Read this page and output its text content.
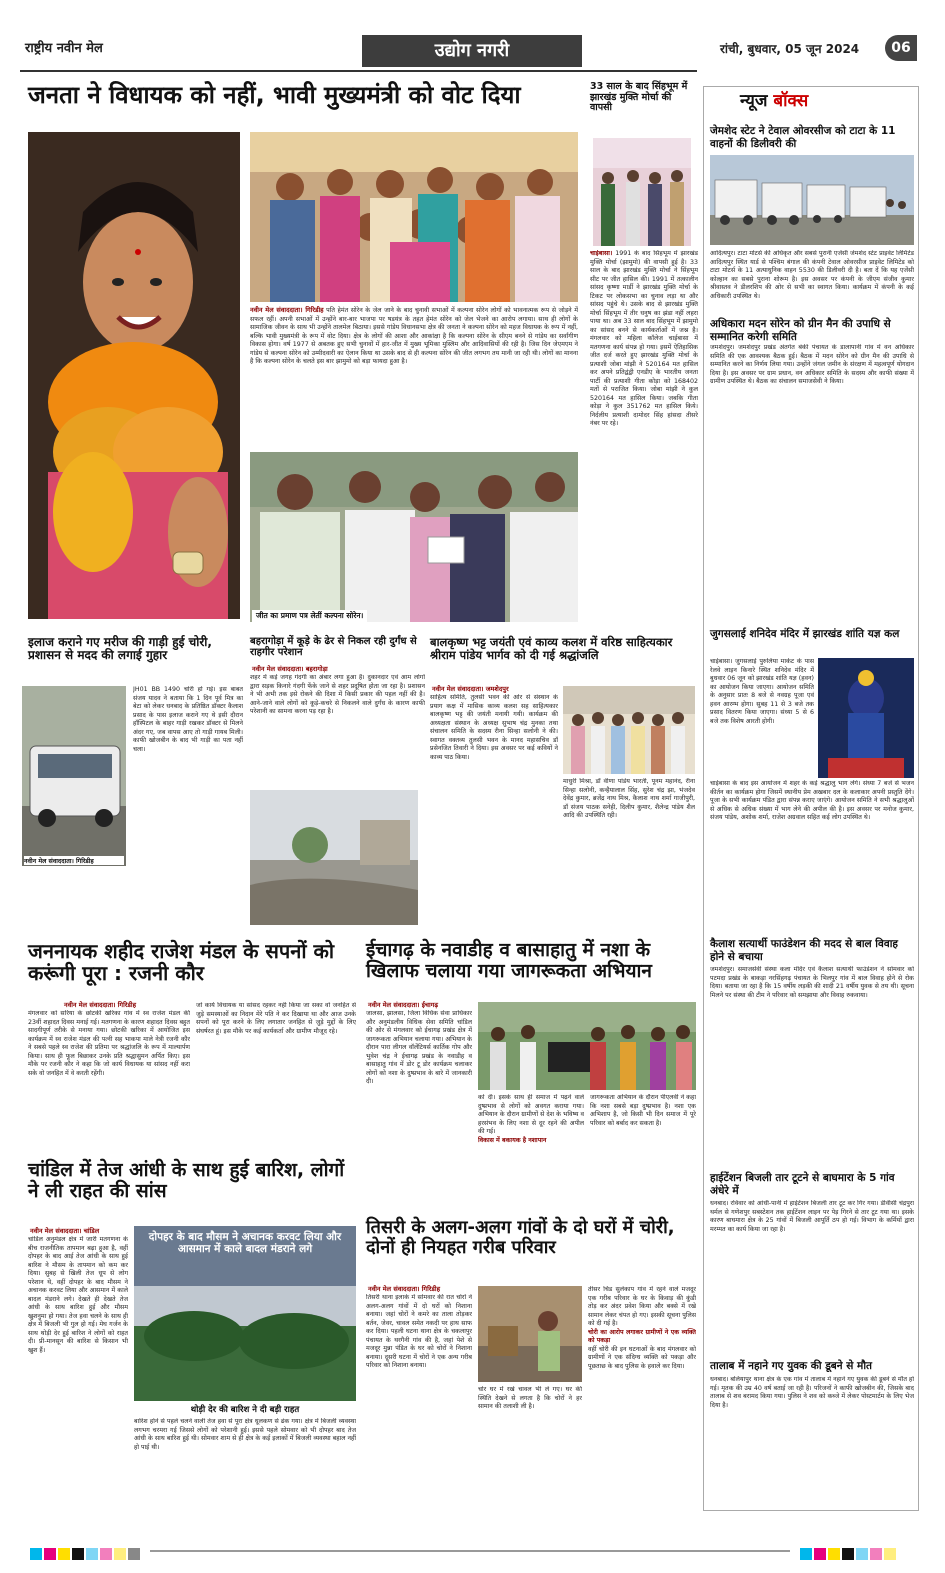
राष्ट्रीय नवीन मेल	उद्योग नगरी	रांची, बुधवार, 05 जून 2024	06
जनता ने विधायक को नहीं, भावी मुख्यमंत्री को वोट दिया
नवीन मेल संवाददाता। गिरिडीह पति हेमंत सोरेन के जेल जाने के बाद चुनावी सभाओं में कल्पना सोरेन लोगों को भावनात्मक रूप से जोड़ने में सफल रहीं। अपनी सभाओं में उन्होंने बार-बार भाजपा पर षडयंत्र के तहत हेमंत सोरेन को जेल भेजने का आरोप लगाया। साथ ही लोगों के सामाजिक जीवन के साथ भी उन्होंने तालमेल बिठाया। इससे गांडेय विधानसभा क्षेत्र की जनता ने कल्पना सोरेन को महज विधायक के रूप में नहीं, बल्कि भावी मुख्यमंत्री के रूप में वोट दिया। क्षेत्र के लोगों की आशा और आकांक्षा है कि कल्पना सोरेन के सीएम बनने से गांडेय का सर्वांगीण विकास होगा। वर्ष 1977 से अबतक हुए सभी चुनावों में हार-जीत में मुख्य भूमिका मुस्लिम और आदिवासियों की रही है। जिस दिन जेएमएम ने गांडेय से कल्पना सोरेन को उम्मीदवारी का ऐलान किया था उसके बाद से ही कल्पना सोरेन की जीत लगभग तय मानी जा रही थी। लोगों का मानना है कि कल्पना सोरेन के चलते इस बार झामुमो को बड़ा फायदा हुआ है।
जीत का प्रमाण पत्र लेतीं कल्पना सोरेन।
33 साल के बाद सिंहभूम में झारखंड मुक्ति मोर्चा की वापसी
चाईबासा। 1991 के बाद सिंहभूम में झारखंड मुक्ति मोर्चा (झामुमो) की वापसी हुई है। 33 साल के बाद झारखंड मुक्ति मोर्चा ने सिंहभूम सीट पर जीत हासिल की। 1991 में तत्कालीन सांसद कृष्णा मार्डी ने झारखंड मुक्ति मोर्चा के टिकट पर लोकसभा का चुनाव लड़ा था और सांसद पहुंचे थे। उसके बाद से झारखंड मुक्ति मोर्चा सिंहभूम में तीर धनुष का झंडा नहीं लहरा पाया था। अब 33 साल बाद सिंहभूम में झामुमो का सांसद बनने से कार्यकर्ताओं में जश्न है। मंगलवार को महिला कॉलेज चाईबासा में मतगणना कार्य संपन्न हो गया। इसमें ऐतिहासिक जीत दर्ज करते हुए झारखंड मुक्ति मोर्चा के प्रत्याशी जोबा मांझी ने 520164 मत हासिल कर अपने प्रतिद्वंद्वी एनडीए के भारतीय जनता पार्टी की प्रत्याशी गीता कोड़ा को 168402 मतों से पराजित किया। जोबा मांझी ने कुल 520164 मत हासिल किया। जबकि गीता कोड़ा ने कुल 351762 मत हासिल किये। निर्दलीय प्रत्याशी दामोदर सिंह हांसदा तीसरे नंबर पर रहे।
न्यूज बॉक्स
जेमशेद स्टेट ने टेवाल ओवरसीज को टाटा के 11 वाहनों की डिलीवरी की
आदित्यपुर। टाटा मोटर्स की अधिकृत और सबसे पुरानी एजेंसी जेमशेद स्टेट प्राइवेट लिमिटेड आदित्यपुर स्थित यार्ड से पश्चिम बंगाल की कंपनी टेवाल ओवरसीज प्राइवेट लिमिटेड को टाटा मोटर्स के 11 अत्याधुनिक वाहन 5530 की डिलीवरी दी है। बता दें कि यह एजेंसी कोल्हान का सबसे पुराना शोरूम है। इस अवसर पर कंपनी के जीएम संजीव कुमार श्रीवास्तव ने डीलरशिप की ओर से सभी का स्वागत किया। कार्यक्रम में कंपनी के कई अधिकारी उपस्थित थे।
अधिकारा मदन सोरेन को ग्रीन मैन की उपाधि से सम्मानित करेगी समिति
जमशेदपुर। जमशेदपुर प्रखंड अंतर्गत बंकी पंचायत के डालापानी गांव में वन अधिकार समिति की एक आवश्यक बैठक हुई। बैठक में मदन सोरेन को ग्रीन मैन की उपाधि से सम्मानित करने का निर्णय लिया गया। उन्होंने जंगल जमीन के संरक्षण में महत्वपूर्ण योगदान दिया है। इस अवसर पर ग्राम प्रधान, वन अधिकार समिति के सदस्य और काफी संख्या में ग्रामीण उपस्थित थे। बैठक का संचालन समाजसेवी ने किया।
जुगसलाई शनिदेव मंदिर में झारखंड शांति यज्ञ कल
चाईबासा। जुगसलाई पुरुलिया मार्केट के पास रेलवे लाइन किनारे स्थित शनिदेव मंदिर में बुधवार 06 जून को झारखंड शांति यज्ञ (हवन) का आयोजन किया जाएगा। आयोजन समिति के अनुसार प्रातः 8 बजे से नवग्रह पूजा एवं हवन आरम्भ होगा। सुबह 11 से 3 बजे तक प्रसाद वितरण किया जाएगा। संध्या 5 से 6 बजे तक विशेष आरती होगी।
चाईबासा के बाद इस आयोजन में शहर के कई श्रद्धालु भाग लेंगे। संध्या 7 बजे से भजन कीर्तन का कार्यक्रम होगा जिसमें स्थानीय प्रेम अखबार दल के कलाकार अपनी प्रस्तुति देंगे। पूजा के सभी कार्यक्रम पंडित द्वारा संपन्न कराए जाएंगे। आयोजन समिति ने सभी श्रद्धालुओं से अधिक से अधिक संख्या में भाग लेने की अपील की है। इस अवसर पर मनोज कुमार, संजय पांडेय, अशोक शर्मा, राजेश अग्रवाल सहित कई लोग उपस्थित थे।
कैलाश सत्यार्थी फाउंडेशन की मदद से बाल विवाह होने से बचाया
जमशेदपुर। समाजसेवी संस्था कला मंदिर एवं कैलाश सत्यार्थी फाउंडेशन ने सोमवार को पटमदा प्रखंड के बाकड़ा नरसिंहगढ़ पंचायत के भिलपुर गांव में बाल विवाह होने से रोक दिया। बताया जा रहा है कि 15 वर्षीय लड़की की शादी 21 वर्षीय युवक से तय थी। सूचना मिलने पर संस्था की टीम ने परिवार को समझाया और विवाह रुकवाया।
हाईटेंशन बिजली तार टूटने से बाघमारा के 5 गांव अंधेरे में
धनबाद। रविवार को आंधी-पानी में हाईटेंशन बिजली तार टूट कर गिर गया। डीवीसी चंद्रपुरा थर्मल से गणेशपुर सबस्टेशन तक हाईटेंशन लाइन पर पेड़ गिरने से तार टूट गया था। इसके कारण बाघमारा क्षेत्र के 25 गांवों में बिजली आपूर्ति ठप हो गई। विभाग के कर्मियों द्वारा मरम्मत का कार्य किया जा रहा है।
तालाब में नहाने गए युवक की डूबने से मौत
धनबाद। बलियापुर थाना क्षेत्र के एक गांव में तालाब में नहाने गए युवक की डूबने से मौत हो गई। मृतक की उम्र 40 वर्ष बताई जा रही है। परिजनों ने काफी खोजबीन की, जिसके बाद तालाब से शव बरामद किया गया। पुलिस ने शव को कब्जे में लेकर पोस्टमार्टम के लिए भेज दिया है।
इलाज कराने गए मरीज की गाड़ी हुई चोरी, प्रशासन से मदद की लगाई गुहार
नवीन मेल संवाददाता। गिरिडीह
JH01 BB 1490 चोरी हो गई। इस बाबत संजय यादव ने बताया कि 1 दिन पूर्व मित्र का बेटा को लेकर धनबाद के प्रतिष्ठित डॉक्टर कैलाश प्रसाद के पास इलाज कराने गए थे इसी दौरान हॉस्पिटल के बाहर गाड़ी रखकर डॉक्टर से मिलने अंदर गए, जब वापस आए तो गाड़ी गायब मिली। काफी खोजबीन के बाद भी गाड़ी का पता नहीं चला।
बहरागोड़ा में कूड़े के ढेर से निकल रही दुर्गंध से राहगीर परेशान
नवीन मेल संवाददाता। बहरागोड़ा
शहर में कई जगह गंदगी का अंबार लगा हुआ है। दुकानदार एवं आम लोगों द्वारा सड़क किनारे गंदगी फेंके जाने से शहर प्रदूषित होता जा रहा है। प्रशासन ने भी अभी तक इसे रोकने की दिशा में किसी प्रकार की पहल नहीं की है। आने-जाने वाले लोगों को कूड़े-कचरे से निकलने वाले दुर्गंध के कारण काफी परेशानी का सामना करना पड़ रहा है।
बालकृष्ण भट्ट जयंती एवं काव्य कलश में वरिष्ठ साहित्यकार श्रीराम पांडेय भार्गव को दी गई श्रद्धांजलि
नवीन मेल संवाददाता। जमशेदपुर
साहित्य समिति, तुलसी भवन की ओर से संस्थान के प्रयाग कक्ष में मासिक काव्य कलश सह साहित्यकार बालकृष्ण भट्ट की जयंती मनायी गयी। कार्यक्रम की अध्यक्षता संस्थान के अध्यक्ष सुभाष चंद्र मुनका तथा संचालन समिति के सदस्य रीना सिन्हा सलोनी ने की। स्वागत वक्तव्य तुलसी भवन के मानद महासचिव डॉ प्रसेनजित तिवारी ने दिया। इस अवसर पर कई कवियों ने काव्य पाठ किया।
माधुरी मिश्रा, डॉ वीणा पांडेय भारती, पूनम महानंद, रीना सिन्हा सलोनी, कन्हैयालाल सिंह, सुरेश चंद्र झा, भंजदेव देवेंद्र कुमार, ब्रजेंद्र नाथ मिश्र, कैलाश नाथ शर्मा गाजीपुरी, डॉ संजय पाठक सनेही, दिलीप कुमार, शैलेन्द्र पांडेय शैल आदि की उपस्थिति रही।
जननायक शहीद राजेश मंडल के सपनों को करूंगी पूरा : रजनी कौर
नवीन मेल संवाददाता। गिरिडीह
मंगलवार को सरिया के छोटकी खरिका गांव में स्व राजेश मंडल की 23वीं शहादत दिवस मनाई गई। मतगणना के कारण शहादत दिवस बहुत सादगीपूर्ण तरीके से मनाया गया। छोटकी खरिका में आयोजित इस कार्यक्रम में स्व राजेश मंडल की पत्नी सह भाकपा माले नेत्री रजनी कौर ने सबसे पहले स्व राजेश की प्रतिमा पर श्रद्धांजलि के रूप में माल्यार्पण किया। साथ ही फूल बिछाकर उनके प्रति श्रद्धासुमन अर्पित किए। इस मौके पर रजनी कौर ने कहा कि जो कार्य विधायक या सांसद नहीं करा सके वो जनहित में वे करती रहेंगी।
जो कार्य विधायक या सांसद रहकर नहीं किया जा सका वो जनहित से जुड़े समस्याओं का निदान मेरे पति ने कर दिखाया था और आज उनके सपनों को पूरा करने के लिए लगातार जनहित से जुड़े मुद्दों के लिए संघर्षरत हूं। इस मौके पर कई कार्यकर्ता और ग्रामीण मौजूद रहे।
ईचागढ़ के नवाडीह व बासाहातु में नशा के खिलाफ चलाया गया जागरूकता अभियान
नवीन मेल संवाददाता। ईचागढ़
जालसा, झालसा, जिला विधिक सेवा प्राधिकार और अनुमंडलीय विधिक सेवा समिति चांडिल की ओर से मंगलवार को ईचागढ़ प्रखंड क्षेत्र में जागरूकता अभियान चलाया गया। अभियान के दौरान पारा लीगल वॉलेंटियर्स कार्तिक गोप और भुवेश चंद्र ने ईचागढ़ प्रखंड के नवाडीह व बासाहातु गांव में डोर टू डोर कार्यक्रम चलाकर लोगों को नशा के दुष्प्रभाव के बारे में जानकारी दी।
को दी। इसके साथ ही समाज में पढ़ने वाले दुष्प्रभाव से लोगों को अवगत कराया गया। अभियान के दौरान ग्रामीणों से देश के भविष्य व हरसंभव के लिए नशा से दूर रहने की अपील की गई।
विकास में बकायक है नशापान
जागरूकता अभियान के दौरान पीएलवी ने कहा कि नशा सबसे बड़ा दुष्प्रभाव है। नशा एक अभिशाप है, जो किसी भी दिन समाज में पूरे परिवार को बर्बाद कर सकता है।
चांडिल में तेज आंधी के साथ हुई बारिश, लोगों ने ली राहत की सांस
नवीन मेल संवाददाता। चांडिल
चांडिल अनुमंडल क्षेत्र में जारी मतगणना के बीच राजनीतिक तापमान बढ़ा हुआ है, वहीं दोपहर के बाद आई तेज आंधी के साथ हुई बारिश ने मौसम के तापमान को कम कर दिया। सुबह से खिली तेज धूप से लोग परेशान थे, वहीं दोपहर के बाद मौसम ने अचानक करवट लिया और आसमान में काले बादल मंडराने लगे। देखते ही देखते तेज आंधी के साथ बारिश हुई और मौसम खुशनुमा हो गया। तेज हवा चलने के साथ ही क्षेत्र में बिजली भी गुल हो गई। मेघ गर्जन के साथ थोड़ी देर हुई बारिश ने लोगों को राहत दी। प्री-मानसून की बारिश से किसान भी खुश हैं।
दोपहर के बाद मौसम ने अचानक करवट लिया और आसमान में काले बादल मंडराने लगे
थोड़ी देर की बारिश ने दी बड़ी राहत
बारिश होने से पहले चलने वाली तेज हवा से पूरा क्षेत्र धूलकण से ढंक गया। क्षेत्र में बिजली व्यवस्था लगभग चरमरा गई जिससे लोगों को परेशानी हुई। इससे पहले सोमवार को भी दोपहर बाद तेज आंधी के साथ बारिश हुई थी। सोमवार शाम से ही क्षेत्र के कई इलाकों में बिजली व्यवस्था बहाल नहीं हो पाई थी।
तिसरी के अलग-अलग गांवों के दो घरों में चोरी, दोनों ही नियहत गरीब परिवार
नवीन मेल संवाददाता। गिरिडीह
तिसरी थाना इलाके में सोमवार की रात चोरों ने अलग-अलग गांवों में दो घरों को निशाना बनाया। जहां चोरों ने कमरे का ताला तोड़कर बर्तन, जेवर, चावल समेत नकदी पर हाथ साफ कर दिया। पहली घटना थाना क्षेत्र के चकलापुर पंचायत के थरगैनी गांव की है, जहां पेशे से मजदूर मुन्ना पंडित के घर को चोरों ने निशाना बनाया। दूसरी घटना में चोरों ने एक अन्य गरीब परिवार को निशाना बनाया।
चोर घर में रखे चावल भी ले गए। घर की स्थिति देखने से लगता है कि चोरों ने हर सामान की तलाशी ली है।
तीसर चिंड सुलेकाप गांव में रहने वाले मजदूर एक गरीब परिवार के घर के किवाड़ की कुंडी तोड़ कर अंदर प्रवेश किया और बक्से में रखे सामान लेकर चंपत हो गए। इसकी सूचना पुलिस को दी गई है।
चोरी का आरोप लगाकर ग्रामीणों ने एक व्यक्ति को पकड़ा
वहीं चोरी की इन घटनाओं के बाद मंगलवार को ग्रामीणों ने एक संदिग्ध व्यक्ति को पकड़ा और पूछताछ के बाद पुलिस के हवाले कर दिया।
